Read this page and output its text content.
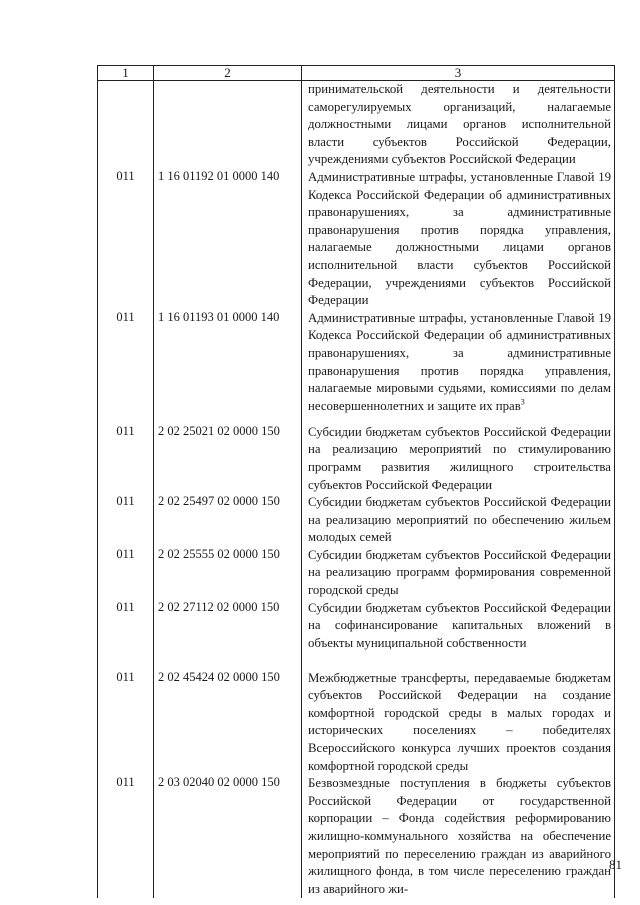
1	2	3
		принимательской деятельности и деятельности саморегулируемых организаций, налагаемые должностными лицами органов исполнительной власти субъектов Российской Федерации, учреждениями субъектов Российской Федерации
011	1 16 01192 01 0000 140	Административные штрафы, установленные Главой 19 Кодекса Российской Федерации об административных правонарушениях, за административные правонарушения против порядка управления, налагаемые должностными лицами органов исполнительной власти субъектов Российской Федерации, учреждениями субъектов Российской Федерации
011	1 16 01193 01 0000 140	Административные штрафы, установленные Главой 19 Кодекса Российской Федерации об административных правонарушениях, за административные правонарушения против порядка управления, налагаемые мировыми судьями, комиссиями по делам несовершеннолетних и защите их прав$^3$
011	2 02 25021 02 0000 150	Субсидии бюджетам субъектов Российской Федерации на реализацию мероприятий по стимулированию программ развития жилищного строительства субъектов Российской Федерации
011	2 02 25497 02 0000 150	Субсидии бюджетам субъектов Российской Федерации на реализацию мероприятий по обеспечению жильем молодых семей
011	2 02 25555 02 0000 150	Субсидии бюджетам субъектов Российской Федерации на реализацию программ формирования современной городской среды
011	2 02 27112 02 0000 150	Субсидии бюджетам субъектов Российской Федерации на софинансирование капитальных вложений в объекты муниципальной собственности
011	2 02 45424 02 0000 150	Межбюджетные трансферты, передаваемые бюджетам субъектов Российской Федерации на создание комфортной городской среды в малых городах и исторических поселениях – победителях Всероссийского конкурса лучших проектов создания комфортной городской среды
011	2 03 02040 02 0000 150	Безвозмездные поступления в бюджеты субъектов Российской Федерации от государственной корпорации – Фонда содействия реформированию жилищно-коммунального хозяйства на обеспечение мероприятий по переселению граждан из аварийного жилищного фонда, в том числе переселению граждан из аварийного жи-
81
